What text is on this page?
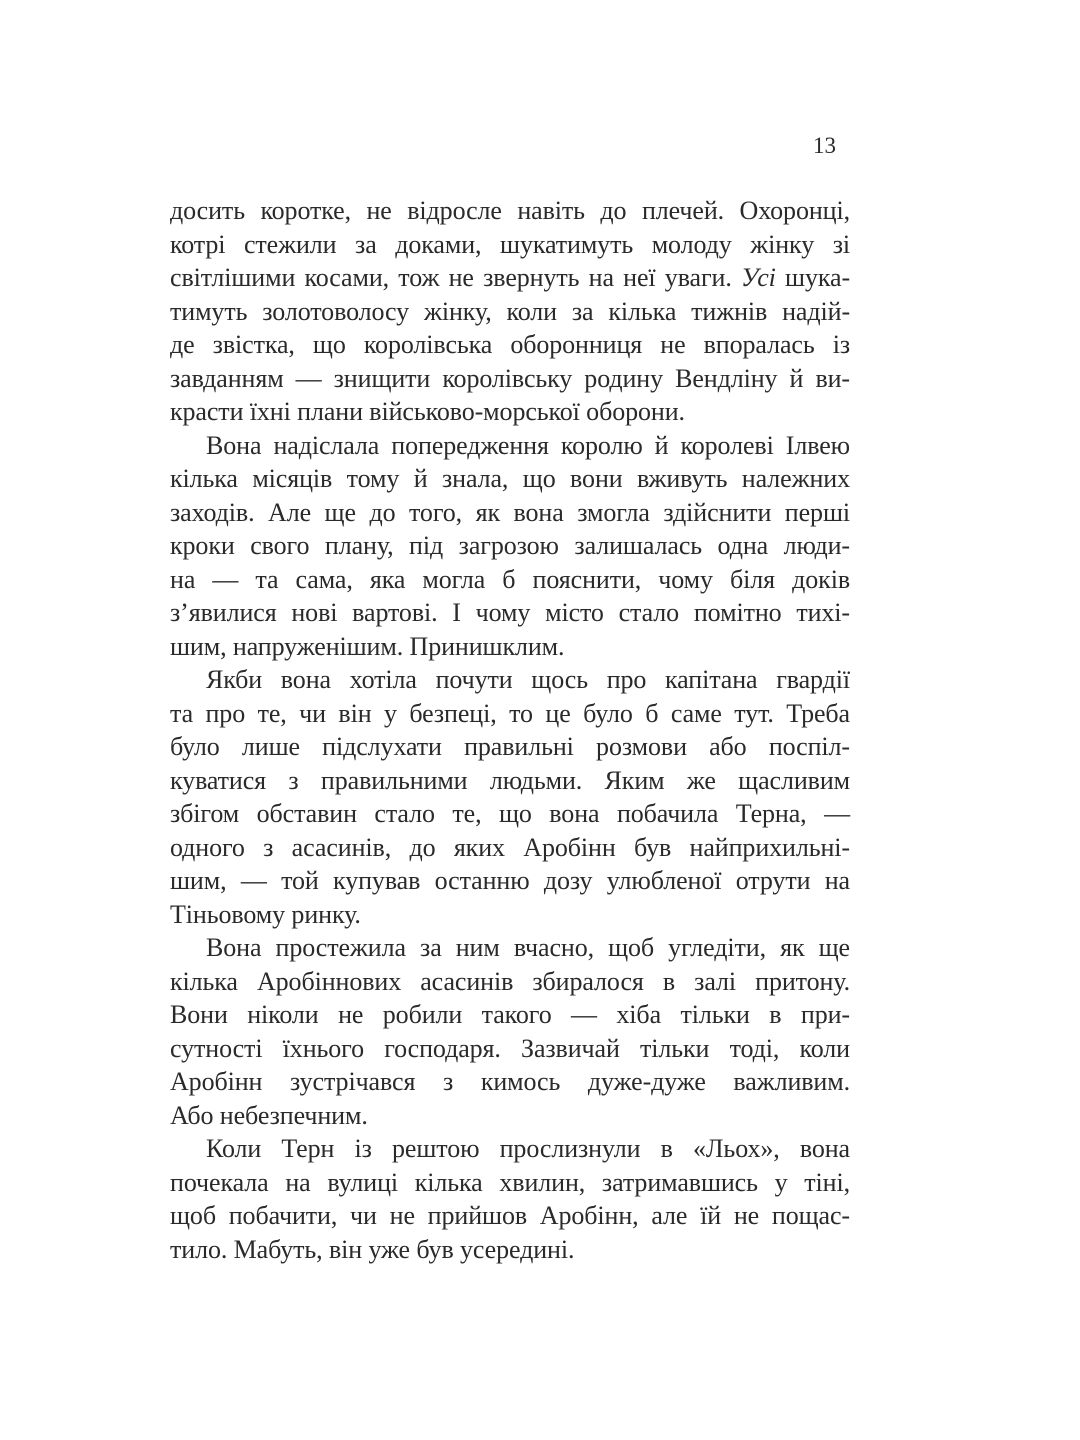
13
досить коротке, не відросле навіть до плечей. Охоронці,
котрі стежили за доками, шукатимуть молоду жінку зі
світлішими косами, тож не звернуть на неї уваги. Усі шука-
тимуть золотоволосу жінку, коли за кілька тижнів надій-
де звістка, що королівська оборонниця не впоралась із
завданням — знищити королівську родину Вендліну й ви-
красти їхні плани військово-морської оборони.
Вона надіслала попередження королю й королеві Ілвею
кілька місяців тому й знала, що вони вживуть належних
заходів. Але ще до того, як вона змогла здійснити перші
кроки свого плану, під загрозою залишалась одна люди-
на — та сама, яка могла б пояснити, чому біля доків
з’явилися нові вартові. І чому місто стало помітно тихі-
шим, напруженішим. Принишклим.
Якби вона хотіла почути щось про капітана гвардії
та про те, чи він у безпеці, то це було б саме тут. Треба
було лише підслухати правильні розмови або поспіл-
куватися з правильними людьми. Яким же щасливим
збігом обставин стало те, що вона побачила Терна, —
одного з асасинів, до яких Аробінн був найприхильні-
шим, — той купував останню дозу улюбленої отрути на
Тіньовому ринку.
Вона простежила за ним вчасно, щоб угледіти, як ще
кілька Аробіннових асасинів збиралося в залі притону.
Вони ніколи не робили такого — хіба тільки в при-
сутності їхнього господаря. Зазвичай тільки тоді, коли
Аробінн зустрічався з кимось дуже-дуже важливим.
Або небезпечним.
Коли Терн із рештою прослизнули в «Льох», вона
почекала на вулиці кілька хвилин, затримавшись у тіні,
щоб побачити, чи не прийшов Аробінн, але їй не пощас-
тило. Мабуть, він уже був усередині.
